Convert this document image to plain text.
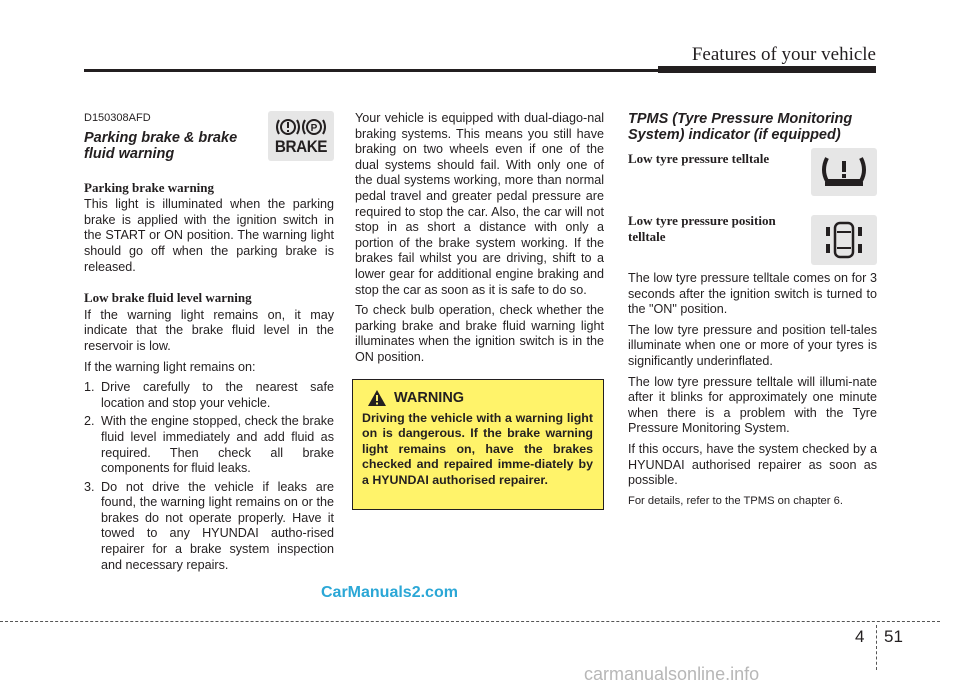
Features of your vehicle
D150308AFD
Parking brake & brake
fluid warning
Parking brake warning

This light is illuminated when the parking brake is applied with the ignition switch in the START or ON position. The warning light should go off when the parking brake is released.

Low brake fluid level warning

If the warning light remains on, it may indicate that the brake fluid level in the reservoir is low.

If the warning light remains on:

1. Drive carefully to the nearest safe location and stop your vehicle.
2. With the engine stopped, check the brake fluid level immediately and add fluid as required. Then check all brake components for fluid leaks.
3. Do not drive the vehicle if leaks are found, the warning light remains on or the brakes do not operate properly. Have it towed to any HYUNDAI autho-rised repairer for a brake system inspection and necessary repairs.
P
BRAKE

Your vehicle is equipped with dual-diago-nal braking systems. This means you still have braking on two wheels even if one of the dual systems should fail. With only one of the dual systems working, more than normal pedal travel and greater pedal pressure are required to stop the car. Also, the car will not stop in as short a distance with only a portion of the brake system working. If the brakes fail whilst you are driving, shift to a lower gear for additional engine braking and stop the car as soon as it is safe to do so.

To check bulb operation, check whether the parking brake and brake fluid warning light illuminates when the ignition switch is in the ON position.

WARNING
Driving the vehicle with a warning light on is dangerous. If the brake warning light remains on, have the brakes checked and repaired imme-diately by a HYUNDAI authorised repairer.
TPMS (Tyre Pressure Monitoring
System) indicator (if equipped)
Low tyre pressure telltale
Low tyre pressure position
telltale

The low tyre pressure telltale comes on for 3 seconds after the ignition switch is turned to the "ON" position.

The low tyre pressure and position tell-tales illuminate when one or more of your tyres is significantly underinflated.

The low tyre pressure telltale will illumi-nate after it blinks for approximately one minute when there is a problem with the Tyre Pressure Monitoring System.

If this occurs, have the system checked by a HYUNDAI authorised repairer as soon as possible.

For details, refer to the TPMS on chapter 6.

CarManuals2.com
4 51
carmanualsonline.info
